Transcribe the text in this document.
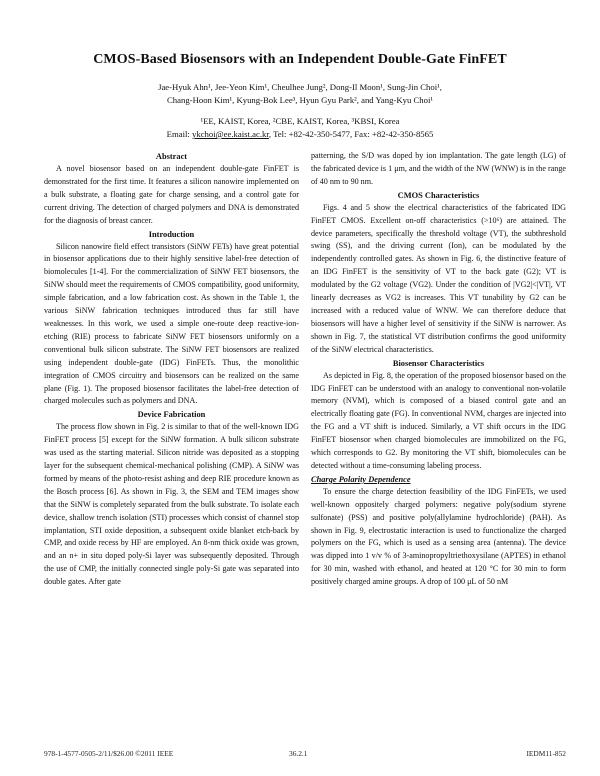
CMOS-Based Biosensors with an Independent Double-Gate FinFET
Jae-Hyuk Ahn¹, Jee-Yeon Kim¹, Cheulhee Jung², Dong-Il Moon¹, Sung-Jin Choi¹,
Chang-Hoon Kim¹, Kyung-Bok Lee³, Hyun Gyu Park², and Yang-Kyu Choi¹
¹EE, KAIST, Korea, ²CBE, KAIST, Korea, ³KBSI, Korea
Email: ykchoi@ee.kaist.ac.kr, Tel: +82-42-350-5477, Fax: +82-42-350-8565
Abstract

A novel biosensor based on an independent double-gate FinFET is demonstrated for the first time. It features a silicon nanowire implemented on a bulk substrate, a floating gate for charge sensing, and a control gate for current driving. The detection of charged polymers and DNA is demonstrated for the diagnosis of breast cancer.

Introduction

Silicon nanowire field effect transistors (SiNW FETs) have great potential in biosensor applications due to their highly sensitive label-free detection of biomolecules [1-4]. For the commercialization of SiNW FET biosensors, the SiNW should meet the requirements of CMOS compatibility, good uniformity, simple fabrication, and a low fabrication cost. As shown in the Table 1, the various SiNW fabrication techniques introduced thus far still have weaknesses. In this work, we used a simple one-route deep reactive-ion-etching (RIE) process to fabricate SiNW FET biosensors uniformly on a conventional bulk silicon substrate. The SiNW FET biosensors are realized using independent double-gate (IDG) FinFETs. Thus, the monolithic integration of CMOS circuitry and biosensors can be realized on the same plane (Fig. 1). The proposed biosensor facilitates the label-free detection of charged molecules such as polymers and DNA.

Device Fabrication

The process flow shown in Fig. 2 is similar to that of the well-known IDG FinFET process [5] except for the SiNW formation. A bulk silicon substrate was used as the starting material. Silicon nitride was deposited as a stopping layer for the subsequent chemical-mechanical polishing (CMP). A SiNW was formed by means of the photo-resist ashing and deep RIE procedure known as the Bosch process [6]. As shown in Fig. 3, the SEM and TEM images show that the SiNW is completely separated from the bulk substrate. To isolate each device, shallow trench isolation (STI) processes which consist of channel stop implantation, STI oxide deposition, a subsequent oxide blanket etch-back by CMP, and oxide recess by HF are employed. An 8-nm thick oxide was grown, and an n+ in situ doped poly-Si layer was subsequently deposited. Through the use of CMP, the initially connected single poly-Si gate was separated into double gates. After gate

patterning, the S/D was doped by ion implantation. The gate length (LG) of the fabricated device is 1 μm, and the width of the NW (WNW) is in the range of 40 nm to 90 nm.

CMOS Characteristics

Figs. 4 and 5 show the electrical characteristics of the fabricated IDG FinFET CMOS. Excellent on-off characteristics (>10⁶) are attained. The device parameters, specifically the threshold voltage (VT), the subthreshold swing (SS), and the driving current (Ion), can be modulated by the independently controlled gates. As shown in Fig. 6, the distinctive feature of an IDG FinFET is the sensitivity of VT to the back gate (G2); VT is modulated by the G2 voltage (VG2). Under the condition of |VG2|<|VT|, VT linearly decreases as VG2 is increases. This VT tunability by G2 can be increased with a reduced value of WNW. We can therefore deduce that biosensors will have a higher level of sensitivity if the SiNW is narrower. As shown in Fig. 7, the statistical VT distribution confirms the good uniformity of the SiNW electrical characteristics.

Biosensor Characteristics

As depicted in Fig. 8, the operation of the proposed biosensor based on the IDG FinFET can be understood with an analogy to conventional non-volatile memory (NVM), which is composed of a biased control gate and an electrically floating gate (FG). In conventional NVM, charges are injected into the FG and a VT shift is induced. Similarly, a VT shift occurs in the IDG FinFET biosensor when charged biomolecules are immobilized on the FG, which corresponds to G2. By monitoring the VT shift, biomolecules can be detected without a time-consuming labeling process.

Charge Polarity Dependence

To ensure the charge detection feasibility of the IDG FinFETs, we used well-known oppositely charged polymers: negative poly(sodium styrene sulfonate) (PSS) and positive poly(allylamine hydrochloride) (PAH). As shown in Fig. 9, electrostatic interaction is used to functionalize the charged polymers on the FG, which is used as a sensing area (antenna). The device was dipped into 1 v/v % of 3-aminopropyltriethoxysilane (APTES) in ethanol for 30 min, washed with ethanol, and heated at 120 °C for 30 min to form positively charged amine groups. A drop of 100 μL of 50 nM

978-1-4577-0505-2/11/$26.00 ©2011 IEEE	36.2.1	IEDM11-852
